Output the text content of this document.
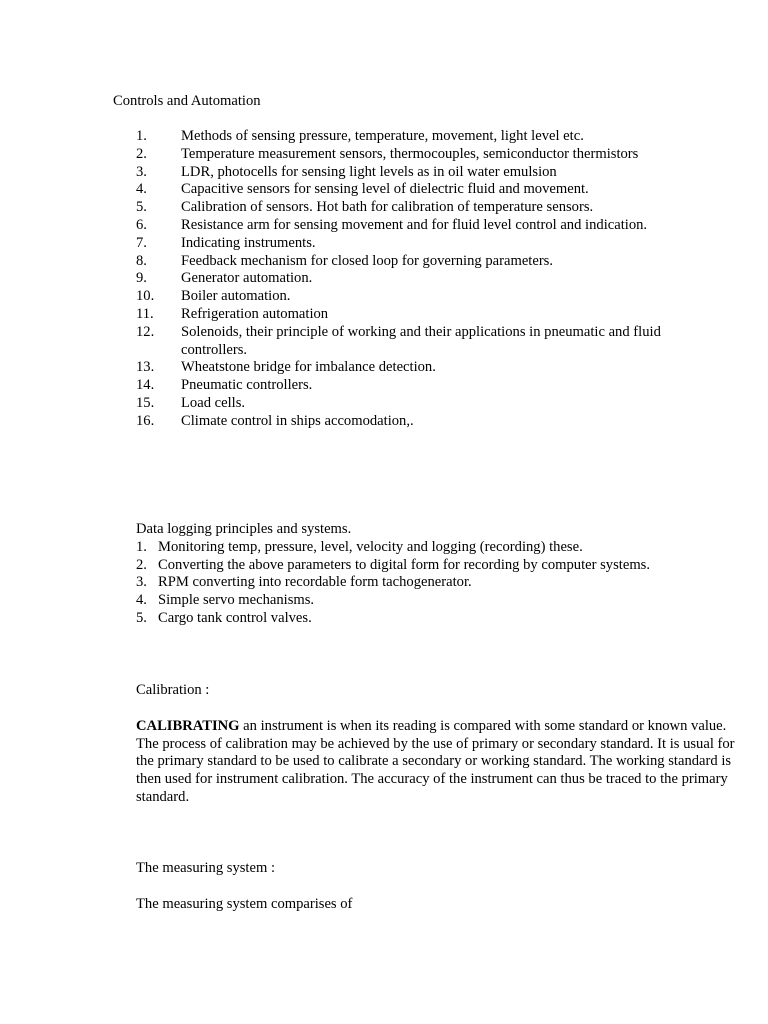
Controls and Automation
1.	Methods of sensing pressure, temperature, movement, light level etc.
2.	Temperature measurement sensors, thermocouples, semiconductor thermistors
3.	LDR, photocells for sensing light levels as in oil water emulsion
4.	Capacitive sensors for sensing level of dielectric fluid and movement.
5.	Calibration of sensors. Hot bath for calibration of temperature sensors.
6.	Resistance arm for sensing movement and for fluid level control and indication.
7.	Indicating instruments.
8.	Feedback mechanism for closed loop for governing parameters.
9.	Generator automation.
10.	Boiler automation.
11.	Refrigeration automation
12.	Solenoids, their principle of working and their applications in pneumatic and fluid controllers.
13.	Wheatstone bridge for imbalance detection.
14.	Pneumatic controllers.
15.	Load cells.
16.	Climate control in ships accomodation,.

Data logging principles and systems.

1. Monitoring temp, pressure, level, velocity and logging (recording) these.
2. Converting the above parameters to digital form for recording by computer systems.
3. RPM converting into recordable form tachogenerator.
4. Simple servo mechanisms.
5. Cargo tank control valves.

Calibration :

CALIBRATING an instrument is when its reading is compared with some standard or known value.

The process of calibration may be achieved by the use of primary or secondary standard. It is usual for the primary standard to be used to calibrate a secondary or working standard. The working standard is then used for instrument calibration. The accuracy of the instrument can thus be traced to the primary standard.

The measuring system :

The measuring system comparises of
